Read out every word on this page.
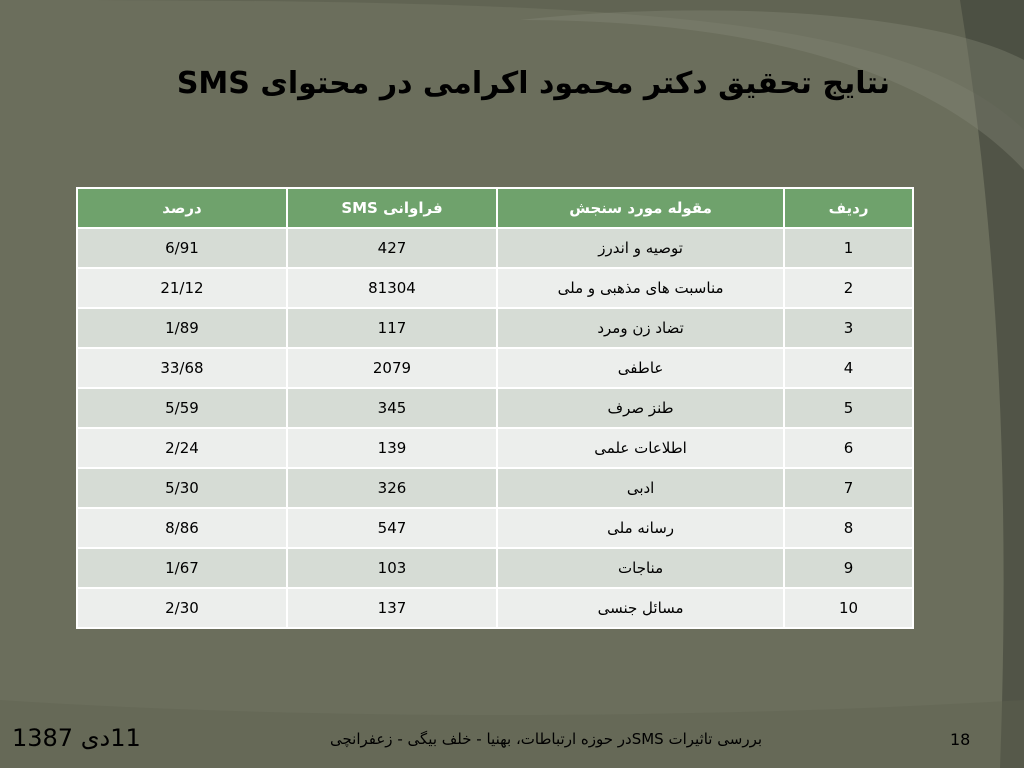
نتایج تحقیق دکتر محمود اکرامی در محتوای SMS
ردیف	مقوله مورد سنجش	فراوانی SMS	درصد
1	توصیه و اندرز	427	6/91
2	مناسبت های مذهبی و ملی	81304	21/12
3	تضاد زن ومرد	117	1/89
4	عاطفی	2079	33/68
5	طنز صرف	345	5/59
6	اطلاعات علمی	139	2/24
7	ادبی	326	5/30
8	رسانه ملی	547	8/86
9	مناجات	103	1/67
10	مسائل جنسی	137	2/30
11دی 1387	بررسی تاثیرات SMSدر حوزه ارتباطات، بهنیا - خلف بیگی - زعفرانچی	18
